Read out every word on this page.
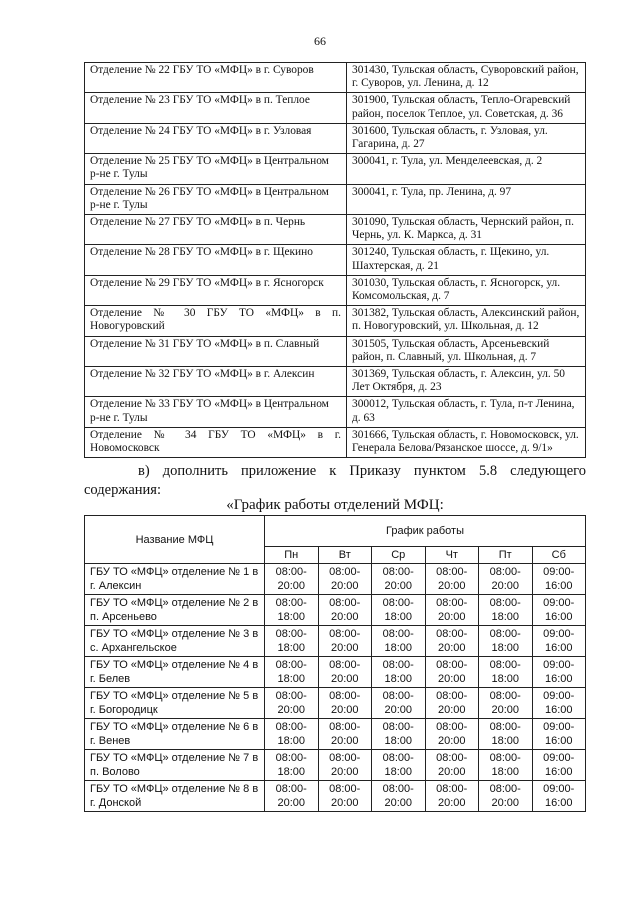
66
Отделение № 22 ГБУ ТО «МФЦ» в г. Суворов	301430, Тульская область, Суворовский район, г. Суворов, ул. Ленина, д. 12
Отделение № 23 ГБУ ТО «МФЦ» в п. Теплое	301900, Тульская область, Тепло-Огаревский район, поселок Теплое, ул. Советская, д. 36
Отделение № 24 ГБУ ТО «МФЦ» в г. Узловая	301600, Тульская область, г. Узловая, ул. Гагарина, д. 27
Отделение № 25 ГБУ ТО «МФЦ» в Центральном р-не г. Тулы	300041, г. Тула, ул. Менделеевская, д. 2
Отделение № 26 ГБУ ТО «МФЦ» в Центральном р-не г. Тулы	300041, г. Тула, пр. Ленина, д. 97
Отделение № 27 ГБУ ТО «МФЦ» в п. Чернь	301090, Тульская область, Чернский район, п. Чернь, ул. К. Маркса, д. 31
Отделение № 28 ГБУ ТО «МФЦ» в г. Щекино	301240, Тульская область, г. Щекино, ул. Шахтерская, д. 21
Отделение № 29 ГБУ ТО «МФЦ» в г. Ясногорск	301030, Тульская область, г. Ясногорск, ул. Комсомольская, д. 7
Отделение № 30 ГБУ ТО «МФЦ» в п. Новогуровский	301382, Тульская область, Алексинский район, п. Новогуровский, ул. Школьная, д. 12
Отделение № 31 ГБУ ТО «МФЦ» в п. Славный	301505, Тульская область, Арсеньевский район, п. Славный, ул. Школьная, д. 7
Отделение № 32 ГБУ ТО «МФЦ» в г. Алексин	301369, Тульская область, г. Алексин, ул. 50 Лет Октября, д. 23
Отделение № 33 ГБУ ТО «МФЦ» в Центральном р-не г. Тулы	300012, Тульская область, г. Тула, п-т Ленина, д. 63
Отделение № 34 ГБУ ТО «МФЦ» в г. Новомосковск	301666, Тульская область, г. Новомосковск, ул. Генерала Белова/Рязанское шоссе, д. 9/1»
в) дополнить приложение к Приказу пунктом 5.8 следующего
содержания:
«График работы отделений МФЦ:
Название МФЦ	График работы					
	Пн	Вт	Ср	Чт	Пт	Сб
ГБУ ТО «МФЦ» отделение № 1 в г. Алексин	08:00-20:00	08:00-20:00	08:00-20:00	08:00-20:00	08:00-20:00	09:00-16:00
ГБУ ТО «МФЦ» отделение № 2 в п. Арсеньево	08:00-18:00	08:00-20:00	08:00-18:00	08:00-20:00	08:00-18:00	09:00-16:00
ГБУ ТО «МФЦ» отделение № 3 в с. Архангельское	08:00-18:00	08:00-20:00	08:00-18:00	08:00-20:00	08:00-18:00	09:00-16:00
ГБУ ТО «МФЦ» отделение № 4 в г. Белев	08:00-18:00	08:00-20:00	08:00-18:00	08:00-20:00	08:00-18:00	09:00-16:00
ГБУ ТО «МФЦ» отделение № 5 в г. Богородицк	08:00-20:00	08:00-20:00	08:00-20:00	08:00-20:00	08:00-20:00	09:00-16:00
ГБУ ТО «МФЦ» отделение № 6 в г. Венев	08:00-18:00	08:00-20:00	08:00-18:00	08:00-20:00	08:00-18:00	09:00-16:00
ГБУ ТО «МФЦ» отделение № 7 в п. Волово	08:00-18:00	08:00-20:00	08:00-18:00	08:00-20:00	08:00-18:00	09:00-16:00
ГБУ ТО «МФЦ» отделение № 8 в г. Донской	08:00-20:00	08:00-20:00	08:00-20:00	08:00-20:00	08:00-20:00	09:00-16:00
